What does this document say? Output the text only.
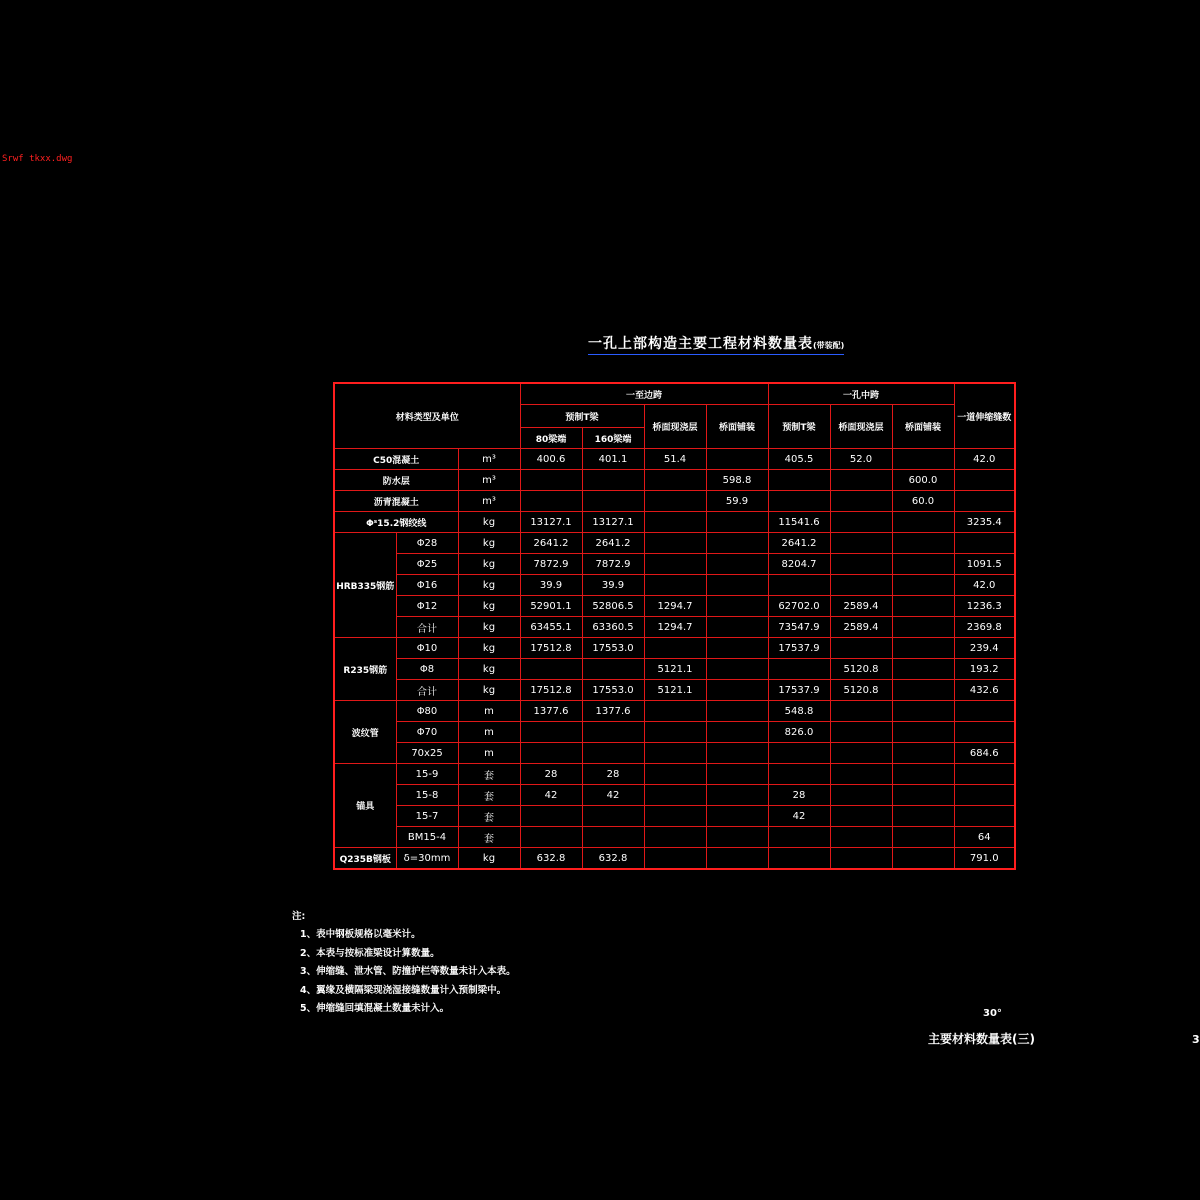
Srwf tkxx.dwg
一孔上部构造主要工程材料数量表(带装配)
材料类型及单位			一至边跨				一孔中跨			一道伸缩缝数
			预制T梁		桥面现浇层	桥面铺装	预制T梁	桥面现浇层	桥面铺装	
			80梁端	160梁端						
C50混凝土		m³	400.6	401.1	51.4		405.5	52.0		42.0
防水层		m³				598.8			600.0	
沥青混凝土		m³				59.9			60.0	
Φˢ15.2钢绞线		kg	13127.1	13127.1			11541.6			3235.4
HRB335钢筋	Φ28	kg	2641.2	2641.2			2641.2			
	Φ25	kg	7872.9	7872.9			8204.7			1091.5
	Φ16	kg	39.9	39.9						42.0
	Φ12	kg	52901.1	52806.5	1294.7		62702.0	2589.4		1236.3
	合计	kg	63455.1	63360.5	1294.7		73547.9	2589.4		2369.8
R235钢筋	Φ10	kg	17512.8	17553.0			17537.9			239.4
	Φ8	kg			5121.1			5120.8		193.2
	合计	kg	17512.8	17553.0	5121.1		17537.9	5120.8		432.6
波纹管	Φ80	m	1377.6	1377.6			548.8			
	Φ70	m					826.0			
	70x25	m								684.6
锚具	15-9	套	28	28						
	15-8	套	42	42			28			
	15-7	套					42			
	BM15-4	套								64
Q235B钢板	δ=30mm	kg	632.8	632.8						791.0
注:
1、表中钢板规格以毫米计。
2、本表与按标准梁设计算数量。
3、伸缩缝、泄水管、防撞护栏等数量未计入本表。
4、翼缘及横隔梁现浇湿接缝数量计入预制梁中。
5、伸缩缝回填混凝土数量未计入。	30°
主要材料数量表(三)	3
